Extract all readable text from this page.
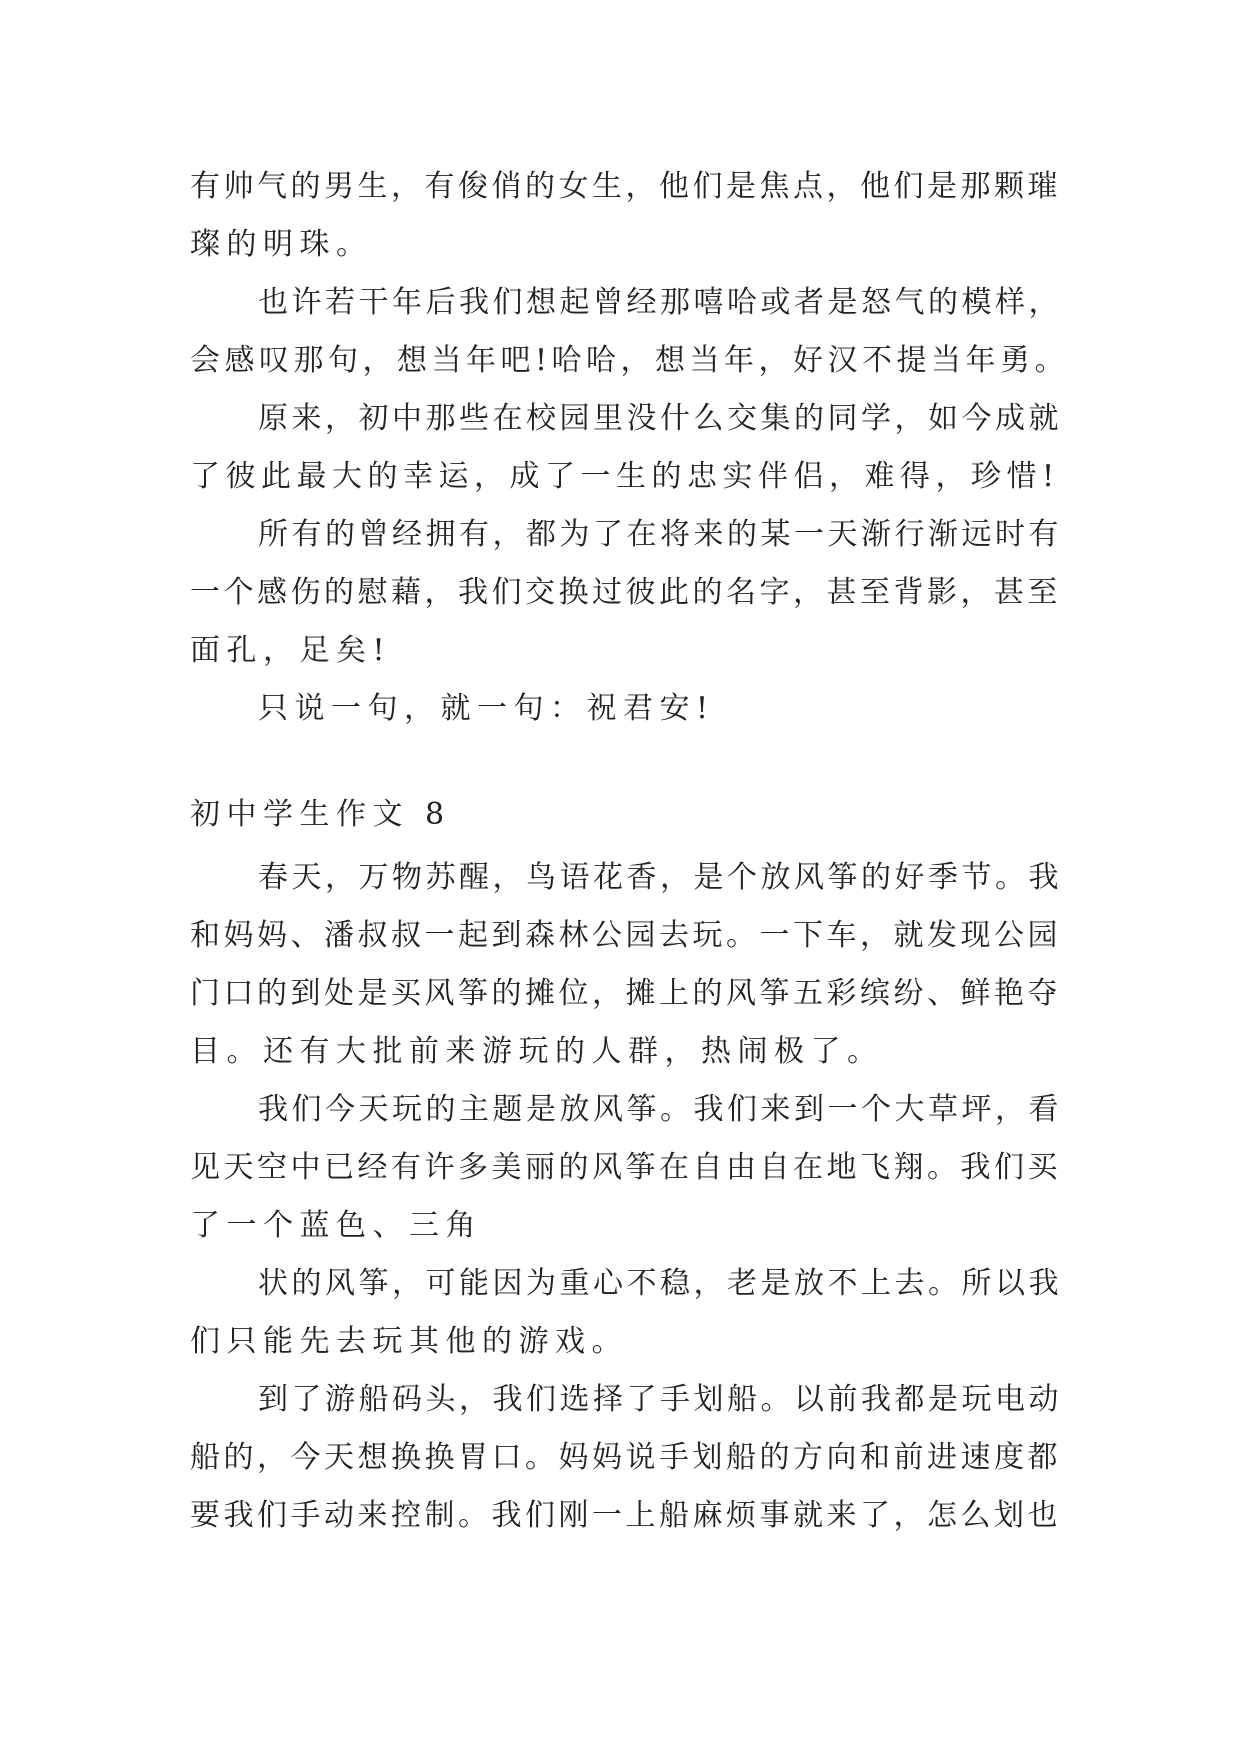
有帅气的男生，有俊俏的女生，他们是焦点，他们是那颗璀
璨的明珠。
也许若干年后我们想起曾经那嘻哈或者是怒气的模样，
会感叹那句，想当年吧!哈哈，想当年，好汉不提当年勇。
原来，初中那些在校园里没什么交集的同学，如今成就
了彼此最大的幸运，成了一生的忠实伴侣，难得，珍惜!
所有的曾经拥有，都为了在将来的某一天渐行渐远时有
一个感伤的慰藉，我们交换过彼此的名字，甚至背影，甚至
面孔，足矣!
只说一句，就一句：祝君安!
初中学生作文 8
春天，万物苏醒，鸟语花香，是个放风筝的好季节。我
和妈妈、潘叔叔一起到森林公园去玩。一下车，就发现公园
门口的到处是买风筝的摊位，摊上的风筝五彩缤纷、鲜艳夺
目。还有大批前来游玩的人群，热闹极了。
我们今天玩的主题是放风筝。我们来到一个大草坪，看
见天空中已经有许多美丽的风筝在自由自在地飞翔。我们买
了一个蓝色、三角
状的风筝，可能因为重心不稳，老是放不上去。所以我
们只能先去玩其他的游戏。
到了游船码头，我们选择了手划船。以前我都是玩电动
船的，今天想换换胃口。妈妈说手划船的方向和前进速度都
要我们手动来控制。我们刚一上船麻烦事就来了，怎么划也
